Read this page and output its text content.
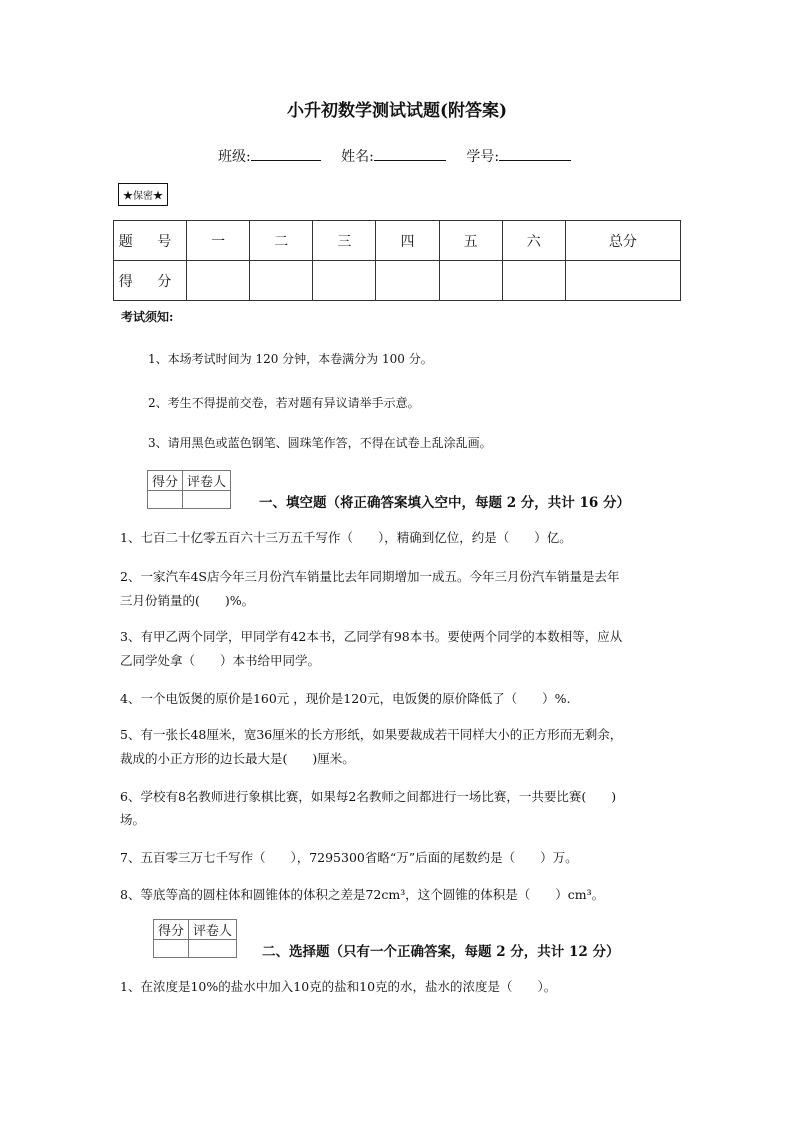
小升初数学测试试题(附答案)
班级:	姓名:	学号:
★保密★
题 号	一	二	三	四	五	六	总分
得 分							
考试须知:
1、本场考试时间为 120 分钟，本卷满分为 100 分。
2、考生不得提前交卷，若对题有异议请举手示意。
3、请用黑色或蓝色钢笔、圆珠笔作答，不得在试卷上乱涂乱画。
得分	评卷人

一、填空题（将正确答案填入空中，每题 2 分，共计 16 分）
1、七百二十亿零五百六十三万五千写作（　　），精确到亿位，约是（　　）亿。
2、一家汽车4S店今年三月份汽车销量比去年同期增加一成五。今年三月份汽车销量是去年
三月份销量的(　　)%。
3、有甲乙两个同学，甲同学有42本书，乙同学有98本书。要使两个同学的本数相等，应从
乙同学处拿（　　）本书给甲同学。
4、一个电饭煲的原价是160元 ，现价是120元，电饭煲的原价降低了（　　）%.
5、有一张长48厘米，宽36厘米的长方形纸，如果要裁成若干同样大小的正方形而无剩余，
裁成的小正方形的边长最大是(　　)厘米。
6、学校有8名教师进行象棋比赛，如果每2名教师之间都进行一场比赛，一共要比赛(　　)
场。
7、五百零三万七千写作（　　），7295300省略“万”后面的尾数约是（　　）万。
8、等底等高的圆柱体和圆锥体的体积之差是72cm³，这个圆锥的体积是（　　）cm³。
得分	评卷人

二、选择题（只有一个正确答案，每题 2 分，共计 12 分）
1、在浓度是10%的盐水中加入10克的盐和10克的水，盐水的浓度是（　　）。
